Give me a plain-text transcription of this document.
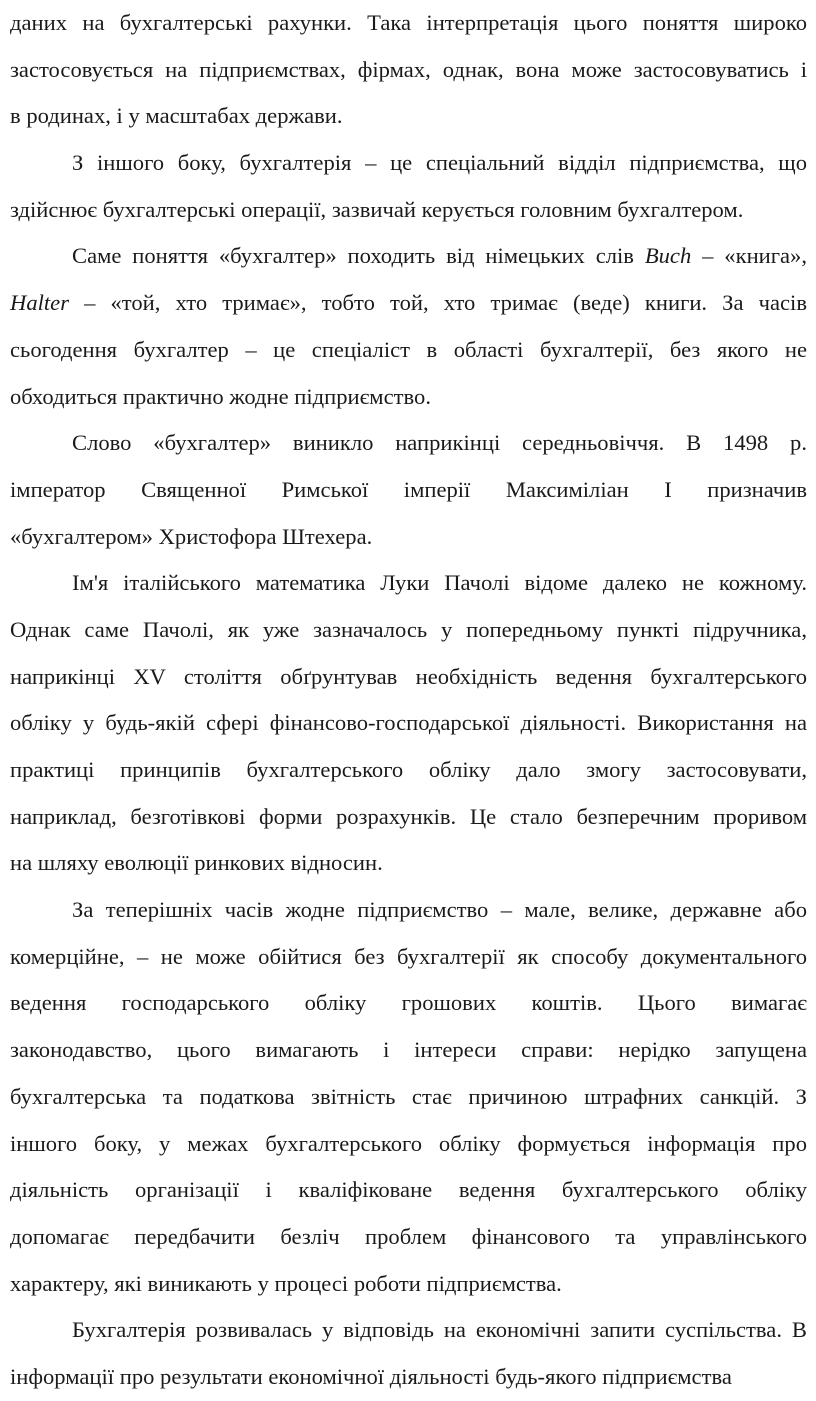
даних на бухгалтерські рахунки. Така інтерпретація цього поняття широко
застосовується на підприємствах, фірмах, однак, вона може застосовуватись і
в родинах, і у масштабах держави.
З іншого боку, бухгалтерія – це спеціальний відділ підприємства, що
здійснює бухгалтерські операції, зазвичай керується головним бухгалтером.
Саме поняття «бухгалтер» походить від німецьких слів Buch – «книга»,
Halter – «той, хто тримає», тобто той, хто тримає (веде) книги. За часів
сьогодення бухгалтер – це спеціаліст в області бухгалтерії, без якого не
обходиться практично жодне підприємство.
Слово «бухгалтер» виникло наприкінці середньовіччя. В 1498 р.
імператор Священної Римської імперії Максиміліан I призначив
«бухгалтером» Христофора Штехера.
Ім'я італійського математика Луки Пачолі відоме далеко не кожному.
Однак саме Пачолі, як уже зазначалось у попередньому пункті підручника,
наприкінці XV століття обґрунтував необхідність ведення бухгалтерського
обліку у будь-якій сфері фінансово-господарської діяльності. Використання на
практиці принципів бухгалтерського обліку дало змогу застосовувати,
наприклад, безготівкові форми розрахунків. Це стало безперечним проривом
на шляху еволюції ринкових відносин.
За теперішніх часів жодне підприємство – мале, велике, державне або
комерційне, – не може обійтися без бухгалтерії як способу документального
ведення господарського обліку грошових коштів. Цього вимагає
законодавство, цього вимагають і інтереси справи: нерідко запущена
бухгалтерська та податкова звітність стає причиною штрафних санкцій. З
іншого боку, у межах бухгалтерського обліку формується інформація про
діяльність організації і кваліфіковане ведення бухгалтерського обліку
допомагає передбачити безліч проблем фінансового та управлінського
характеру, які виникають у процесі роботи підприємства.
Бухгалтерія розвивалась у відповідь на економічні запити суспільства. В
інформації про результати економічної діяльності будь-якого підприємства
